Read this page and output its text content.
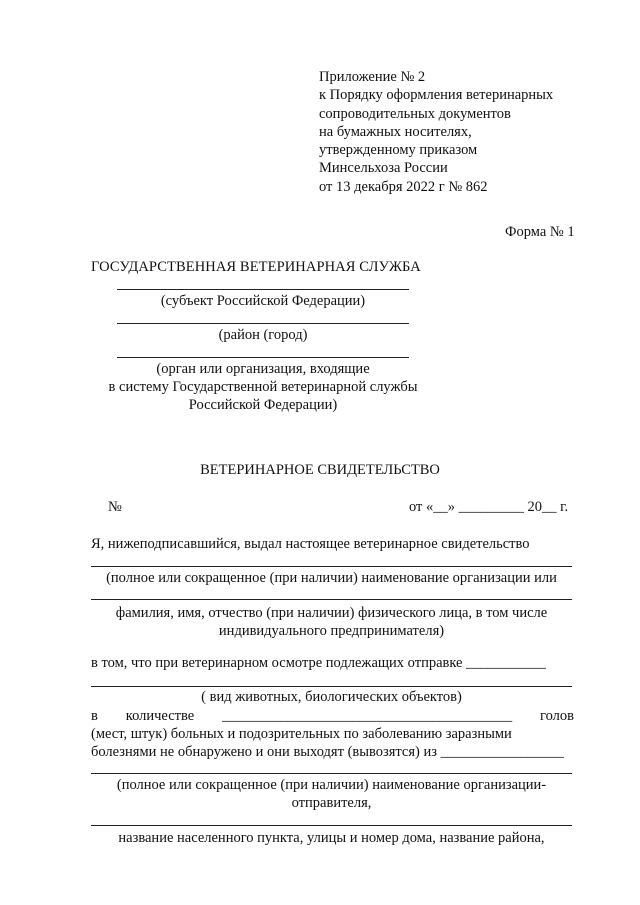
Приложение № 2
к Порядку оформления ветеринарных
сопроводительных документов
на бумажных носителях,
утвержденному приказом
Минсельхоза России
от 13 декабря 2022 г № 862
Форма № 1
ГОСУДАРСТВЕННАЯ ВЕТЕРИНАРНАЯ СЛУЖБА
(субъект Российской Федерации)
(район (город)
(орган или организация, входящие
в систему Государственной ветеринарной службы
Российской Федерации)
ВЕТЕРИНАРНОЕ СВИДЕТЕЛЬСТВО
№	от «__» _________ 20__ г.
Я, нижеподписавшийся, выдал настоящее ветеринарное свидетельство
(полное или сокращенное (при наличии) наименование организации или
фамилия, имя, отчество (при наличии) физического лица, в том числе
индивидуального предпринимателя)
в том, что при ветеринарном осмотре подлежащих отправке ___________
( вид животных, биологических объектов)
в количестве ________________________________________ голов
(мест, штук) больных и подозрительных по заболеванию заразными
болезнями не обнаружено и они выходят (вывозятся) из _________________
(полное или сокращенное (при наличии) наименование организации-
отправителя,
название населенного пункта, улицы и номер дома, название района,
